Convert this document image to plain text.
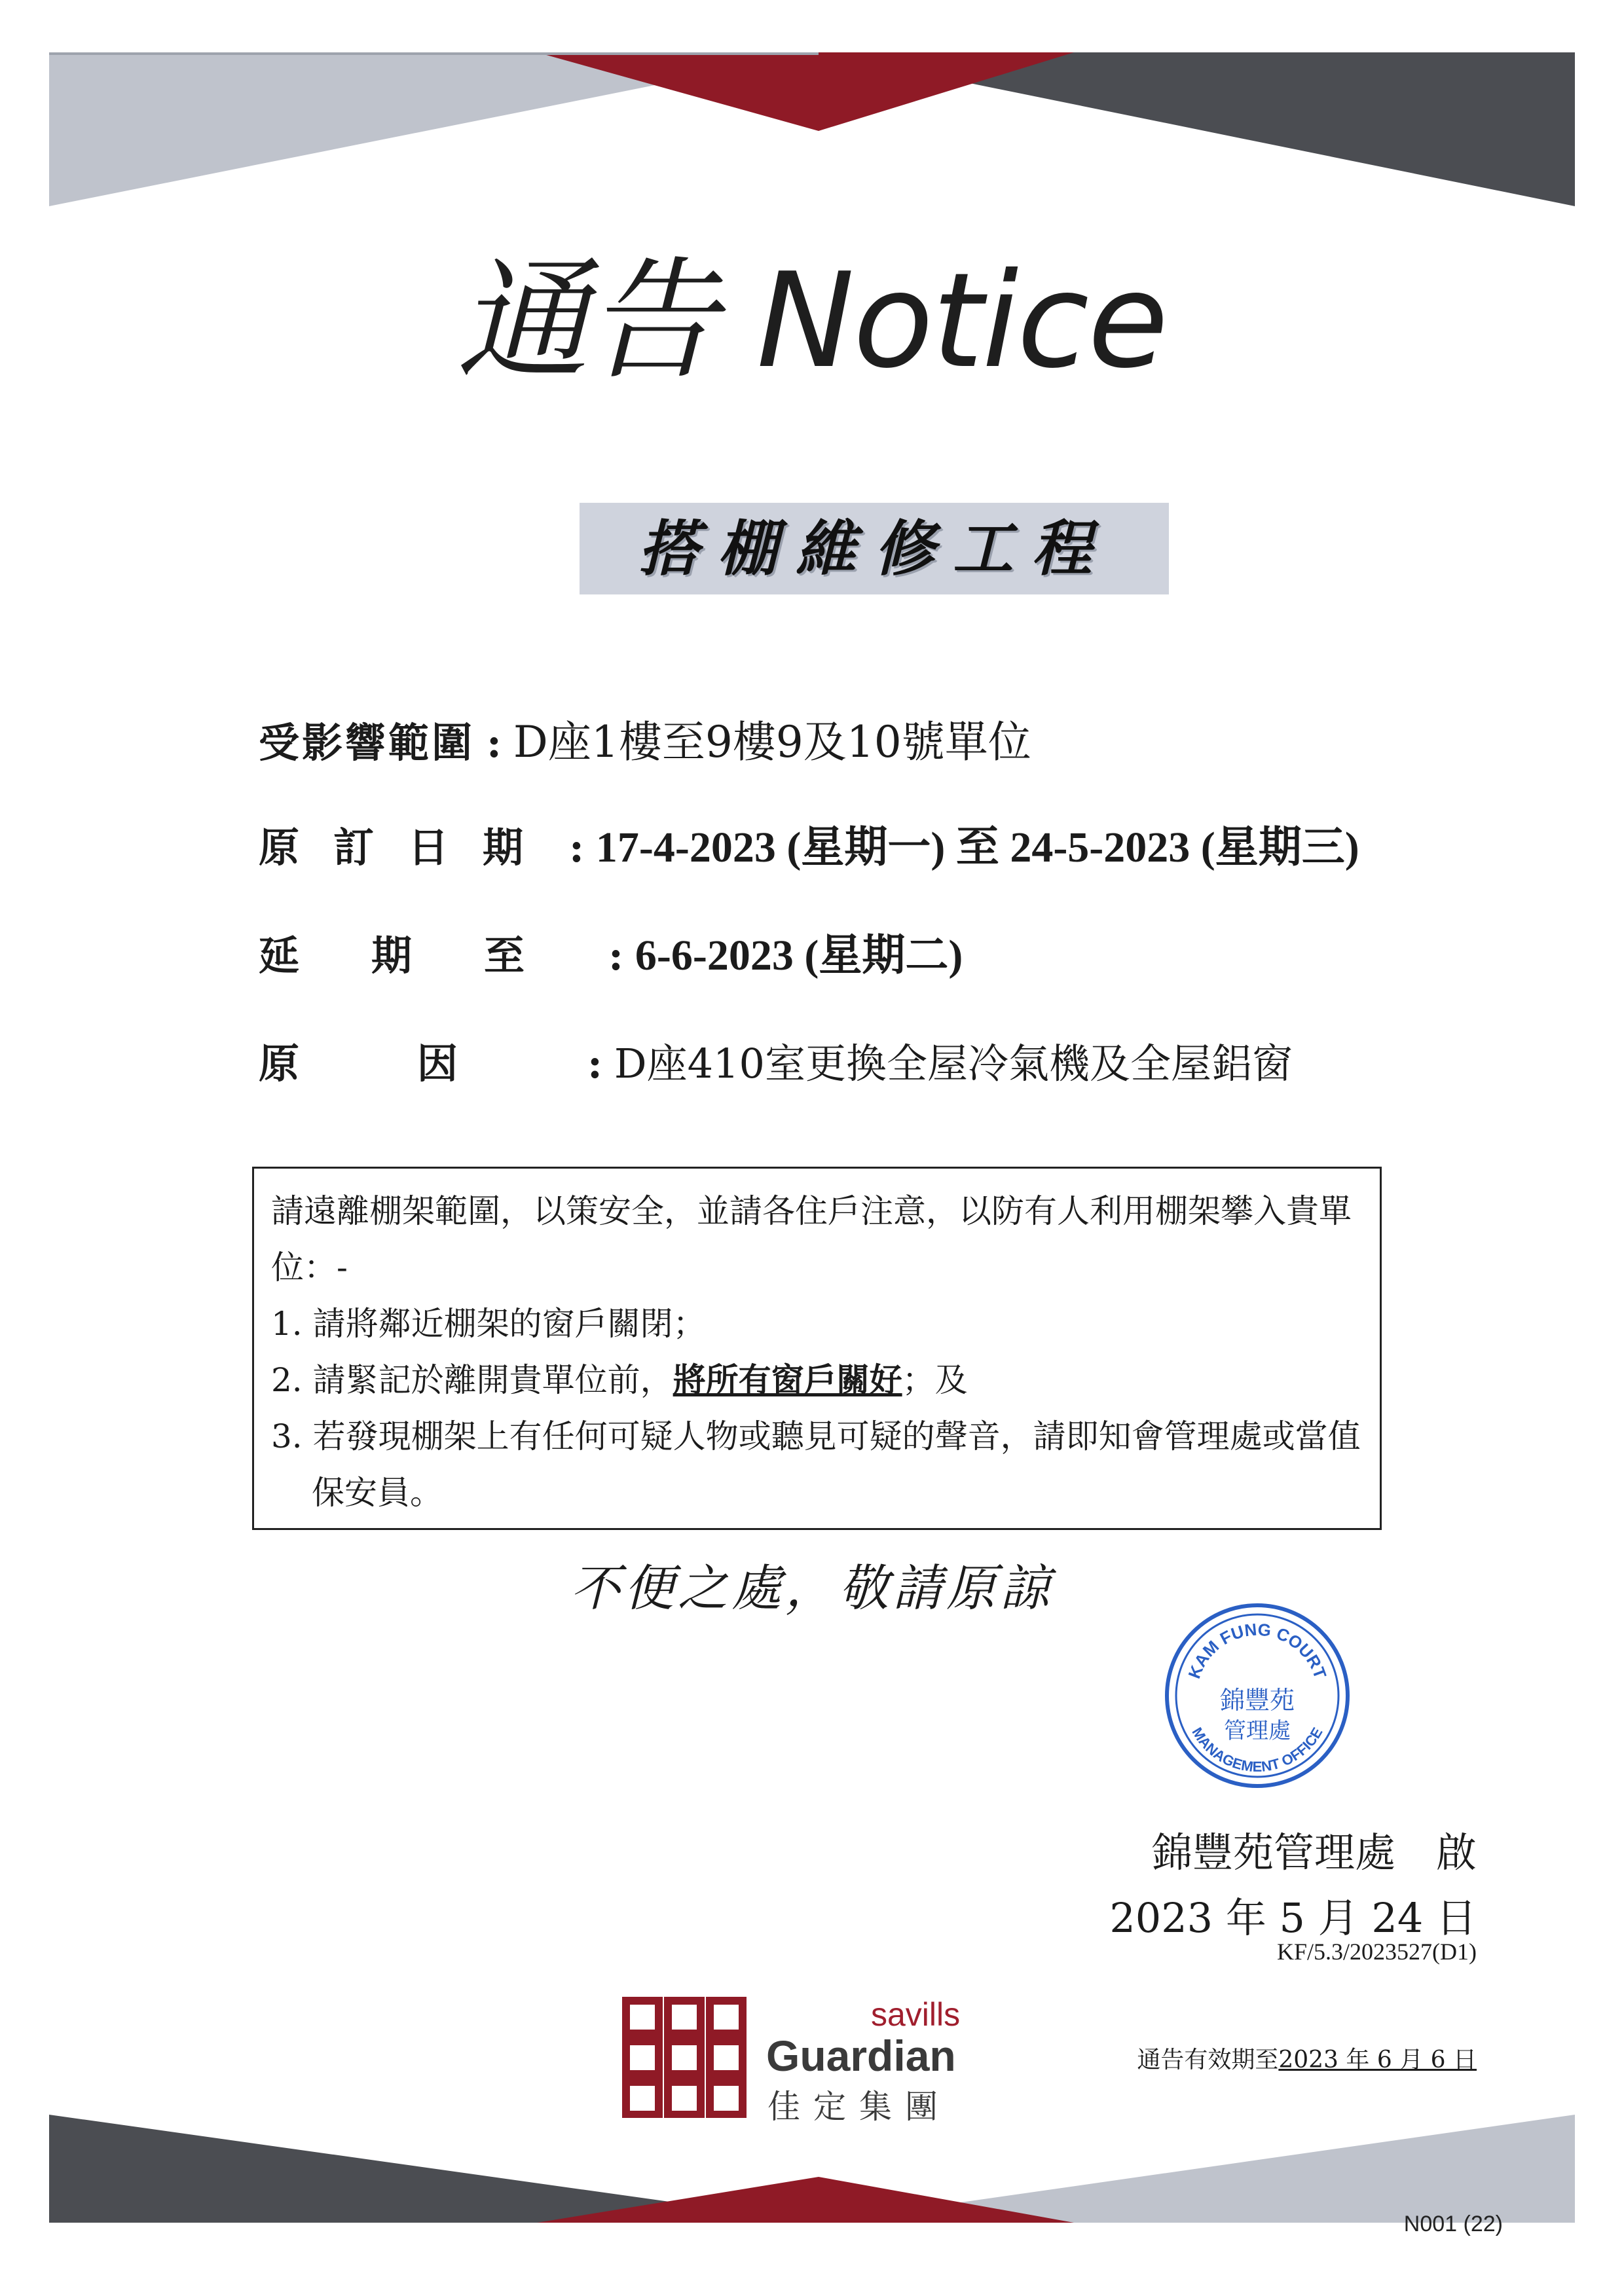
通告 Notice
搭棚維修工程
受影響範圍 : D座1樓至9樓9及10號單位
原訂日期 : 17-4-2023 (星期一) 至 24-5-2023 (星期三)
延期至 : 6-6-2023 (星期二)
原因 : D座410室更換全屋冷氣機及全屋鋁窗

請遠離棚架範圍，以策安全，並請各住戶注意，以防有人利用棚架攀入貴單位：-

1. 請將鄰近棚架的窗戶關閉；

2. 請緊記於離開貴單位前，將所有窗戶關好；及

3. 若發現棚架上有任何可疑人物或聽見可疑的聲音，請即知會管理處或當值保安員。

不便之處，敬請原諒
KAM FUNG COURT
錦豐苑
管理處
MANAGEMENT OFFICE
錦豐苑管理處　啟
2023 年 5 月 24 日
KF/5.3/2023527(D1)
savills
Guardian
佳定集團
通告有效期至2023 年 6 月 6 日
N001 (22)
